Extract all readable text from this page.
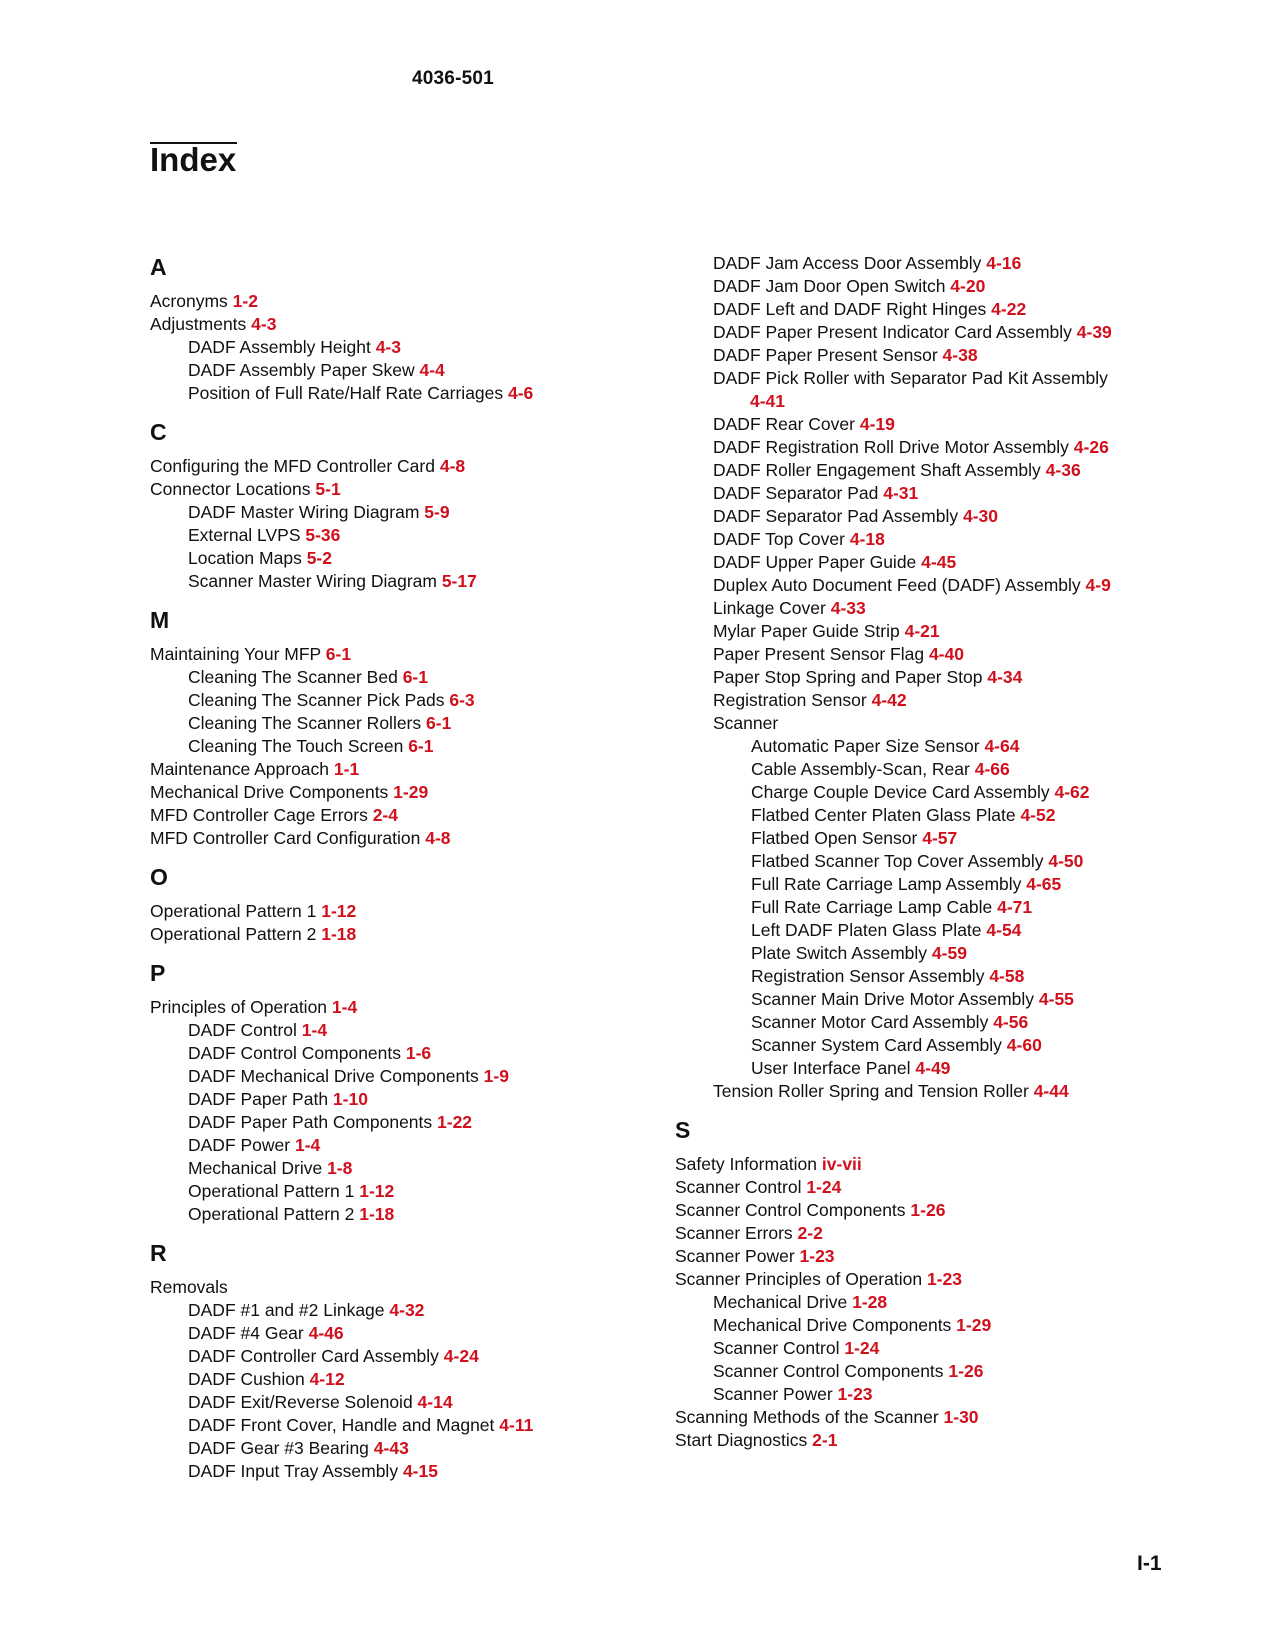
4036-501
Index
A
Acronyms 1-2
Adjustments 4-3
DADF Assembly Height 4-3
DADF Assembly Paper Skew 4-4
Position of Full Rate/Half Rate Carriages 4-6
C
Configuring the MFD Controller Card 4-8
Connector Locations 5-1
DADF Master Wiring Diagram 5-9
External LVPS 5-36
Location Maps 5-2
Scanner Master Wiring Diagram 5-17
M
Maintaining Your MFP 6-1
Cleaning The Scanner Bed 6-1
Cleaning The Scanner Pick Pads 6-3
Cleaning The Scanner Rollers 6-1
Cleaning The Touch Screen 6-1
Maintenance Approach 1-1
Mechanical Drive Components 1-29
MFD Controller Cage Errors 2-4
MFD Controller Card Configuration 4-8
O
Operational Pattern 1 1-12
Operational Pattern 2 1-18
P
Principles of Operation 1-4
DADF Control 1-4
DADF Control Components 1-6
DADF Mechanical Drive Components 1-9
DADF Paper Path 1-10
DADF Paper Path Components 1-22
DADF Power 1-4
Mechanical Drive 1-8
Operational Pattern 1 1-12
Operational Pattern 2 1-18
R
Removals
DADF #1 and #2 Linkage 4-32
DADF #4 Gear 4-46
DADF Controller Card Assembly 4-24
DADF Cushion 4-12
DADF Exit/Reverse Solenoid 4-14
DADF Front Cover, Handle and Magnet 4-11
DADF Gear #3 Bearing 4-43
DADF Input Tray Assembly 4-15
DADF Jam Access Door Assembly 4-16
DADF Jam Door Open Switch 4-20
DADF Left and DADF Right Hinges 4-22
DADF Paper Present Indicator Card Assembly 4-39
DADF Paper Present Sensor 4-38
DADF Pick Roller with Separator Pad Kit Assembly
4-41
DADF Rear Cover 4-19
DADF Registration Roll Drive Motor Assembly 4-26
DADF Roller Engagement Shaft Assembly 4-36
DADF Separator Pad 4-31
DADF Separator Pad Assembly 4-30
DADF Top Cover 4-18
DADF Upper Paper Guide 4-45
Duplex Auto Document Feed (DADF) Assembly 4-9
Linkage Cover 4-33
Mylar Paper Guide Strip 4-21
Paper Present Sensor Flag 4-40
Paper Stop Spring and Paper Stop 4-34
Registration Sensor 4-42
Scanner
Automatic Paper Size Sensor 4-64
Cable Assembly-Scan, Rear 4-66
Charge Couple Device Card Assembly 4-62
Flatbed Center Platen Glass Plate 4-52
Flatbed Open Sensor 4-57
Flatbed Scanner Top Cover Assembly 4-50
Full Rate Carriage Lamp Assembly 4-65
Full Rate Carriage Lamp Cable 4-71
Left DADF Platen Glass Plate 4-54
Plate Switch Assembly 4-59
Registration Sensor Assembly 4-58
Scanner Main Drive Motor Assembly 4-55
Scanner Motor Card Assembly 4-56
Scanner System Card Assembly 4-60
User Interface Panel 4-49
Tension Roller Spring and Tension Roller 4-44
S
Safety Information iv-vii
Scanner Control 1-24
Scanner Control Components 1-26
Scanner Errors 2-2
Scanner Power 1-23
Scanner Principles of Operation 1-23
Mechanical Drive 1-28
Mechanical Drive Components 1-29
Scanner Control 1-24
Scanner Control Components 1-26
Scanner Power 1-23
Scanning Methods of the Scanner 1-30
Start Diagnostics 2-1
I-1
